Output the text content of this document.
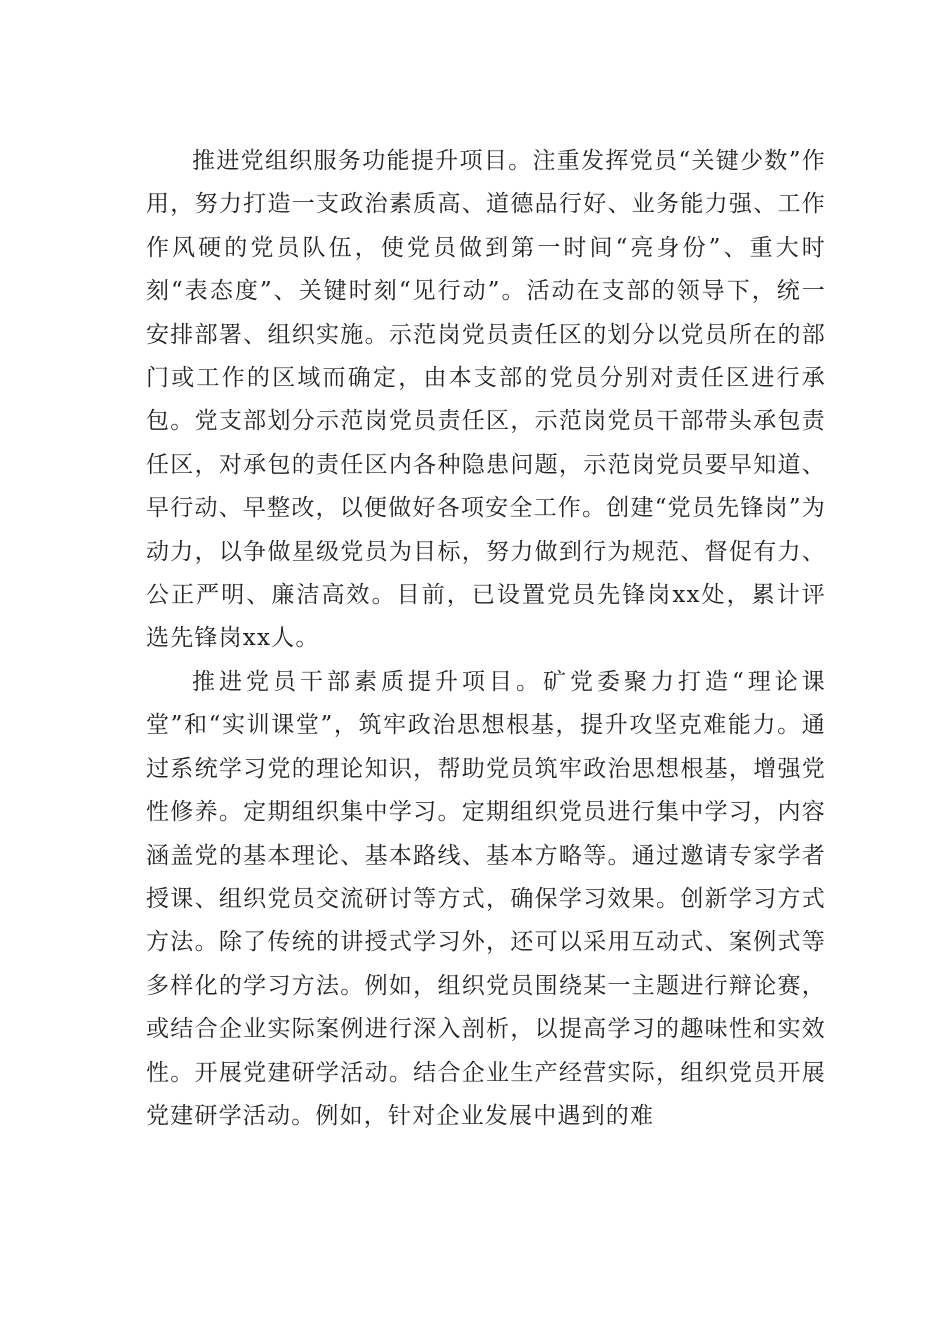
推进党组织服务功能提升项目。注重发挥党员“关键少数”作用，努力打造一支政治素质高、道德品行好、业务能力强、工作作风硬的党员队伍，使党员做到第一时间“亮身份”、重大时刻“表态度”、关键时刻“见行动”。活动在支部的领导下，统一安排部署、组织实施。示范岗党员责任区的划分以党员所在的部门或工作的区域而确定，由本支部的党员分别对责任区进行承包。党支部划分示范岗党员责任区，示范岗党员干部带头承包责任区，对承包的责任区内各种隐患问题，示范岗党员要早知道、早行动、早整改，以便做好各项安全工作。创建“党员先锋岗”为动力，以争做星级党员为目标，努力做到行为规范、督促有力、公正严明、廉洁高效。目前，已设置党员先锋岗xx处，累计评选先锋岗xx人。

推进党员干部素质提升项目。矿党委聚力打造“理论课堂”和“实训课堂”，筑牢政治思想根基，提升攻坚克难能力。通过系统学习党的理论知识，帮助党员筑牢政治思想根基，增强党性修养。定期组织集中学习。定期组织党员进行集中学习，内容涵盖党的基本理论、基本路线、基本方略等。通过邀请专家学者授课、组织党员交流研讨等方式，确保学习效果。创新学习方式方法。除了传统的讲授式学习外，还可以采用互动式、案例式等多样化的学习方法。例如，组织党员围绕某一主题进行辩论赛，或结合企业实际案例进行深入剖析，以提高学习的趣味性和实效性。开展党建研学活动。结合企业生产经营实际，组织党员开展党建研学活动。例如，针对企业发展中遇到的难
